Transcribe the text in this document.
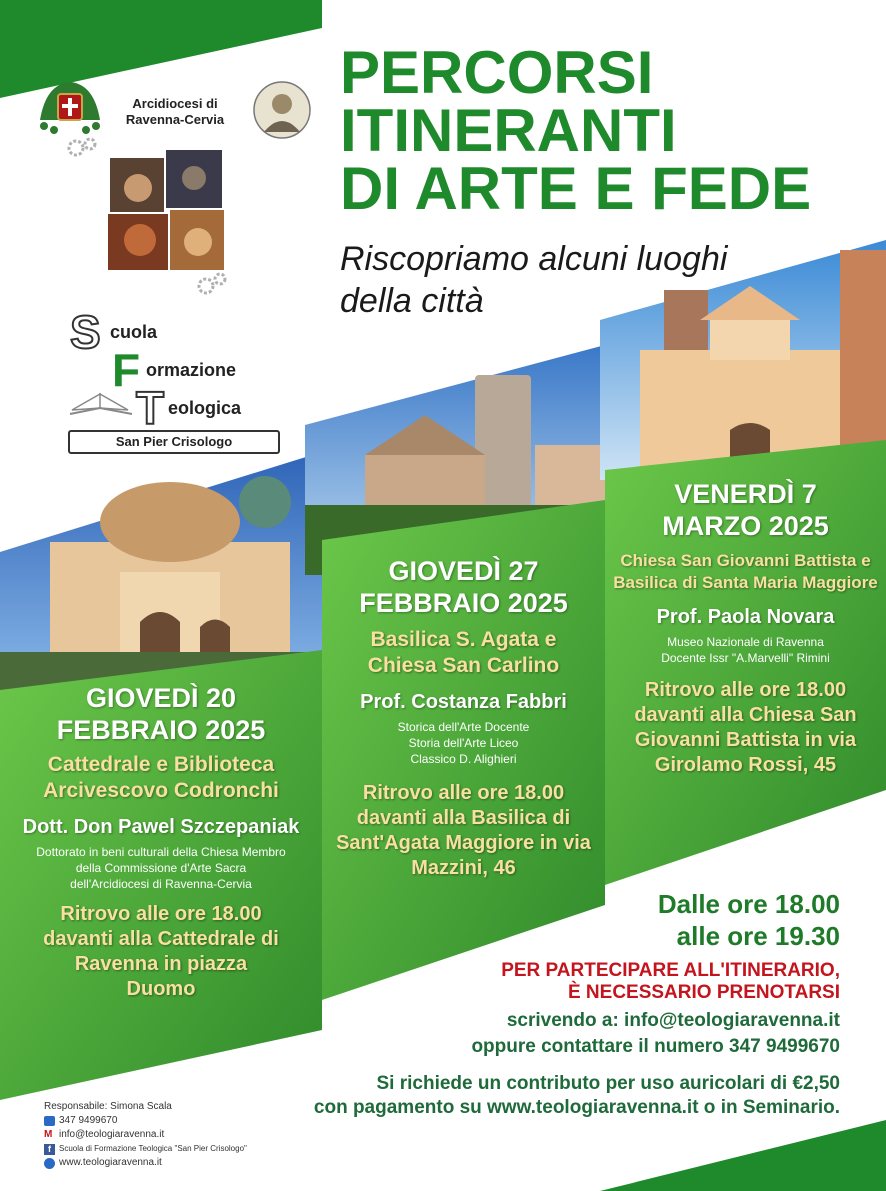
PERCORSI
ITINERANTI
DI ARTE E FEDE
Riscopriamo alcuni luoghi della città
Arcidiocesi di Ravenna-Cervia
S cuola
F ormazione
T eologica
San Pier Crisologo
GIOVEDÌ 20 FEBBRAIO 2025
Cattedrale e Biblioteca Arcivescovo Codronchi
Dott. Don Pawel Szczepaniak
Dottorato in beni culturali della Chiesa Membro della Commissione d'Arte Sacra dell'Arcidiocesi di Ravenna-Cervia
Ritrovo alle ore 18.00 davanti alla Cattedrale di Ravenna in piazza Duomo
GIOVEDÌ 27 FEBBRAIO 2025
Basilica S. Agata e Chiesa San Carlino
Prof. Costanza Fabbri
Storica dell'Arte Docente Storia dell'Arte Liceo Classico D. Alighieri
Ritrovo alle ore 18.00 davanti alla Basilica di Sant'Agata Maggiore in via Mazzini, 46
VENERDÌ 7 MARZO 2025
Chiesa San Giovanni Battista e Basilica di Santa Maria Maggiore
Prof. Paola Novara
Museo Nazionale di Ravenna Docente Issr "A.Marvelli" Rimini
Ritrovo alle ore 18.00 davanti alla Chiesa San Giovanni Battista in via Girolamo Rossi, 45
Dalle ore 18.00
alle ore 19.30
PER PARTECIPARE ALL'ITINERARIO,
È NECESSARIO PRENOTARSI
scrivendo a: info@teologiaravenna.it
oppure contattare il numero 347 9499670
Si richiede un contributo per uso auricolari di €2,50
con pagamento su www.teologiaravenna.it o in Seminario.
Responsabile: Simona Scala
347 9499670
M info@teologiaravenna.it
f	Scuola di Formazione Teologica "San Pier Crisologo"
www.teologiaravenna.it
